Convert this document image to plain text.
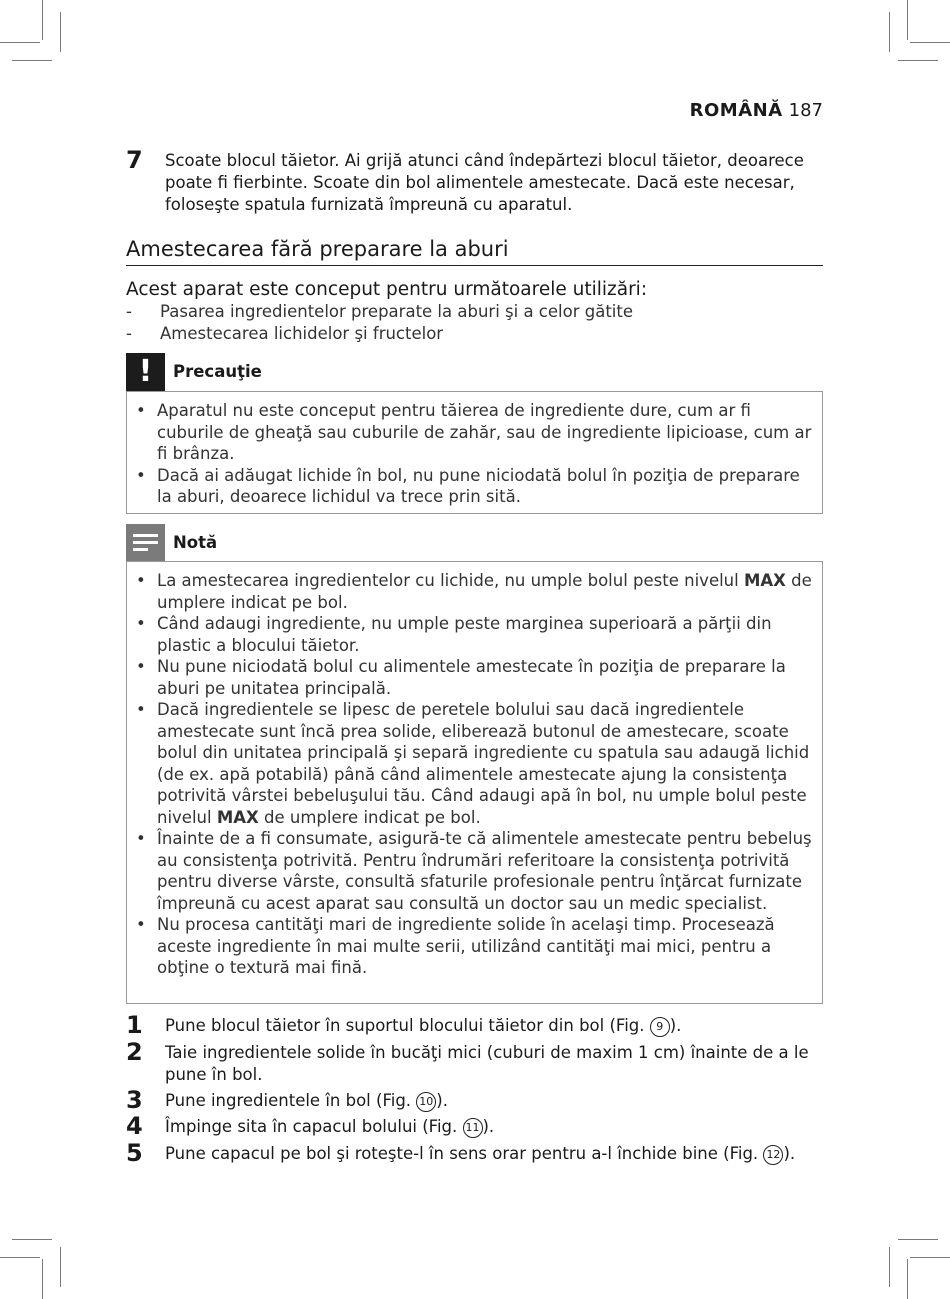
ROMÂNĂ 187
7	Scoate blocul tăietor. Ai grijă atunci când îndepărtezi blocul tăietor, deoarece poate fi fierbinte. Scoate din bol alimentele amestecate. Dacă este necesar, foloseşte spatula furnizată împreună cu aparatul.
Amestecarea fără preparare la aburi
Acest aparat este conceput pentru următoarele utilizări:
- Pasarea ingredientelor preparate la aburi şi a celor gătite
- Amestecarea lichidelor şi fructelor
!	Precauţie
• Aparatul nu este conceput pentru tăierea de ingrediente dure, cum ar fi cuburile de gheaţă sau cuburile de zahăr, sau de ingrediente lipicioase, cum ar fi brânza.
• Dacă ai adăugat lichide în bol, nu pune niciodată bolul în poziţia de preparare la aburi, deoarece lichidul va trece prin sită.
Notă
• La amestecarea ingredientelor cu lichide, nu umple bolul peste nivelul MAX de umplere indicat pe bol.
• Când adaugi ingrediente, nu umple peste marginea superioară a părţii din plastic a blocului tăietor.
• Nu pune niciodată bolul cu alimentele amestecate în poziţia de preparare la aburi pe unitatea principală.
• Dacă ingredientele se lipesc de peretele bolului sau dacă ingredientele amestecate sunt încă prea solide, eliberează butonul de amestecare, scoate bolul din unitatea principală şi separă ingrediente cu spatula sau adaugă lichid (de ex. apă potabilă) până când alimentele amestecate ajung la consistenţa potrivită vârstei bebeluşului tău. Când adaugi apă în bol, nu umple bolul peste nivelul MAX de umplere indicat pe bol.
• Înainte de a fi consumate, asigură-te că alimentele amestecate pentru bebeluş au consistenţa potrivită. Pentru îndrumări referitoare la consistenţa potrivită pentru diverse vârste, consultă sfaturile profesionale pentru înţărcat furnizate împreună cu acest aparat sau consultă un doctor sau un medic specialist.
• Nu procesa cantităţi mari de ingrediente solide în acelaşi timp. Procesează aceste ingrediente în mai multe serii, utilizând cantităţi mai mici, pentru a obţine o textură mai fină.
1	Pune blocul tăietor în suportul blocului tăietor din bol (Fig. 9 ).
2	Taie ingredientele solide în bucăţi mici (cuburi de maxim 1 cm) înainte de a le pune în bol.
3	Pune ingredientele în bol (Fig. 10 ).
4	Împinge sita în capacul bolului (Fig. 11 ).
5	Pune capacul pe bol şi roteşte-l în sens orar pentru a-l închide bine (Fig. 12 ).
